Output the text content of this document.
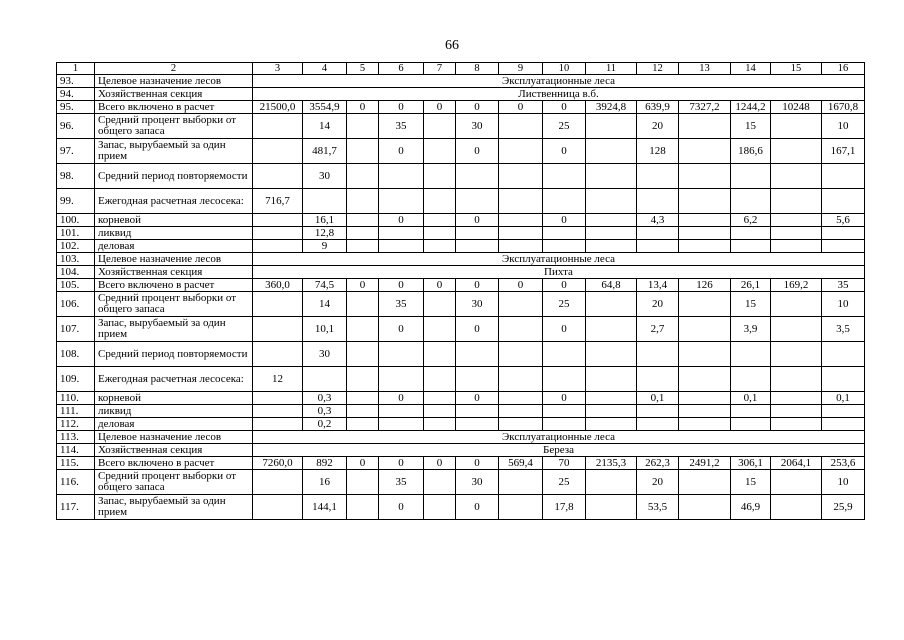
66
1	2	3	4	5	6	7	8	9	10	11	12	13	14	15	16
93.	Целевое назначение лесов	Эксплуатационные леса													
94.	Хозяйственная секция	Лиственница в.б.													
95.	Всего включено в расчет	21500,0	3554,9	0	0	0	0	0	0	3924,8	639,9	7327,2	1244,2	10248	1670,8
96.	Средний процент выборки от общего запаса		14		35		30		25		20		15		10
97.	Запас, вырубаемый за один прием		481,7		0		0		0		128		186,6		167,1
98.	Средний период повторяемости		30												
99.	Ежегодная расчетная лесосека:	716,7													
100.	корневой		16,1		0		0		0		4,3		6,2		5,6
101.	ликвид		12,8												
102.	деловая		9												
103.	Целевое назначение лесов	Эксплуатационные леса													
104.	Хозяйственная секция	Пихта													
105.	Всего включено в расчет	360,0	74,5	0	0	0	0	0	0	64,8	13,4	126	26,1	169,2	35
106.	Средний процент выборки от общего запаса		14		35		30		25		20		15		10
107.	Запас, вырубаемый за один прием		10,1		0		0		0		2,7		3,9		3,5
108.	Средний период повторяемости		30												
109.	Ежегодная расчетная лесосека:	12													
110.	корневой		0,3		0		0		0		0,1		0,1		0,1
111.	ликвид		0,3												
112.	деловая		0,2												
113.	Целевое назначение лесов	Эксплуатационные леса													
114.	Хозяйственная секция	Береза													
115.	Всего включено в расчет	7260,0	892	0	0	0	0	569,4	70	2135,3	262,3	2491,2	306,1	2064,1	253,6
116.	Средний процент выборки от общего запаса		16		35		30		25		20		15		10
117.	Запас, вырубаемый за один прием		144,1		0		0		17,8		53,5		46,9		25,9
